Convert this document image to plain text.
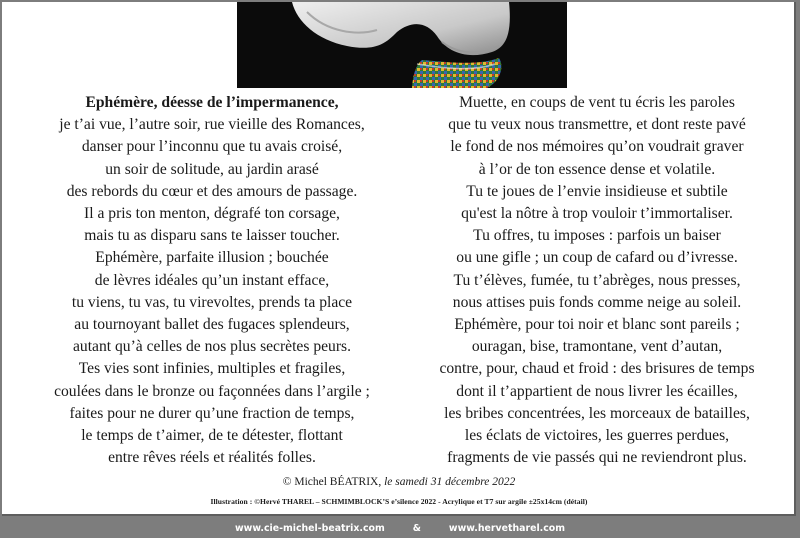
Ephémère, déesse de l’impermanence,
je t’ai vue, l’autre soir, rue vieille des Romances,
danser pour l’inconnu que tu avais croisé,
un soir de solitude, au jardin arasé
des rebords du cœur et des amours de passage.
Il a pris ton menton, dégrafé ton corsage,
mais tu as disparu sans te laisser toucher.
Ephémère, parfaite illusion ; bouchée
de lèvres idéales qu’un instant efface,
tu viens, tu vas, tu virevoltes, prends ta place
au tournoyant ballet des fugaces splendeurs,
autant qu’à celles de nos plus secrètes peurs.
Tes vies sont infinies, multiples et fragiles,
coulées dans le bronze ou façonnées dans l’argile ;
faites pour ne durer qu’une fraction de temps,
le temps de t’aimer, de te détester, flottant
entre rêves réels et réalités folles.
Muette, en coups de vent tu écris les paroles
que tu veux nous transmettre, et dont reste pavé
le fond de nos mémoires qu’on voudrait graver
à l’or de ton essence dense et volatile.
Tu te joues de l’envie insidieuse et subtile
qu'est la nôtre à trop vouloir t’immortaliser.
Tu offres, tu imposes : parfois un baiser
ou une gifle ; un coup de cafard ou d’ivresse.
Tu t’élèves, fumée, tu t’abrèges, nous presses,
nous attises puis fonds comme neige au soleil.
Ephémère, pour toi noir et blanc sont pareils ;
ouragan, bise, tramontane, vent d’autan,
contre, pour, chaud et froid : des brisures de temps
dont il t’appartient de nous livrer les écailles,
les bribes concentrées, les morceaux de batailles,
les éclats de victoires, les guerres perdues,
fragments de vie passés qui ne reviendront plus.
© Michel BÉATRIX, le samedi 31 décembre 2022
Illustration : ©Hervé THAREL – SCHMIMBLOCK’S e’silence 2022 - Acrylique et T7 sur argile ±25x14cm (détail)
www.cie-michel-beatrix.com	&	www.hervetharel.com
